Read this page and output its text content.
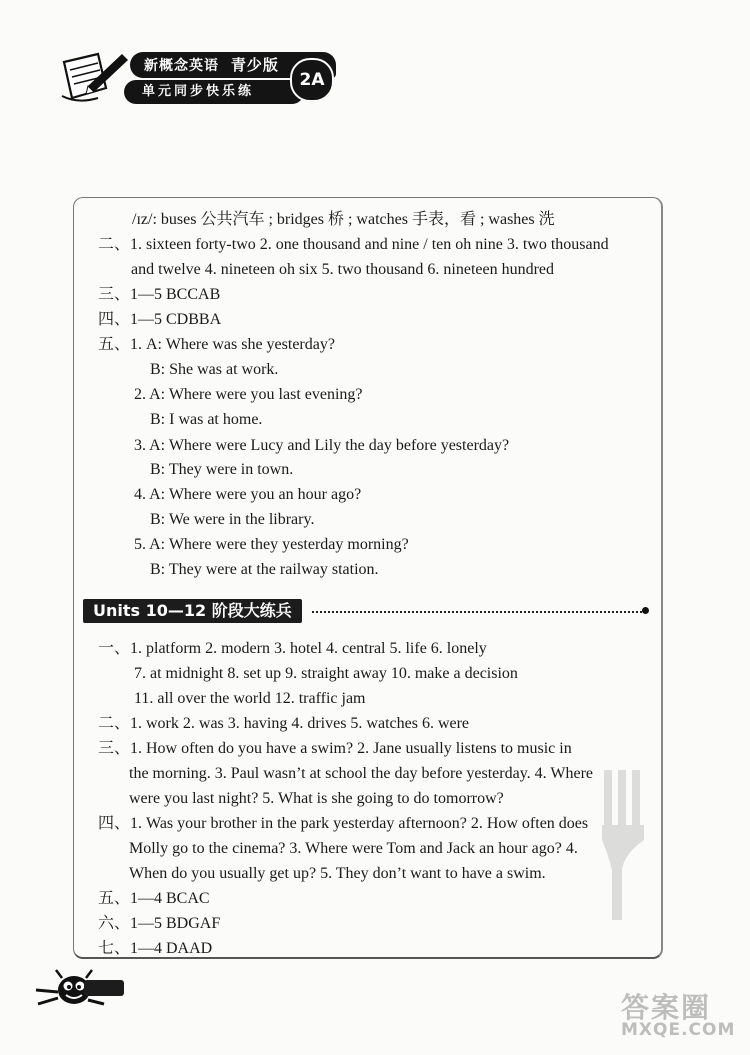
新概念英语 青少版
单元同步快乐练
2A
/ɪz/: buses 公共汽车 ; bridges 桥 ; watches 手表，看 ; washes 洗
二、1. sixteen forty-two 2. one thousand and nine / ten oh nine 3. two thousand
and twelve 4. nineteen oh six 5. two thousand 6. nineteen hundred
三、1—5 BCCAB
四、1—5 CDBBA
五、1. A: Where was she yesterday?
B: She was at work.
2. A: Where were you last evening?
B: I was at home.
3. A: Where were Lucy and Lily the day before yesterday?
B: They were in town.
4. A: Where were you an hour ago?
B: We were in the library.
5. A: Where were they yesterday morning?
B: They were at the railway station.
Units 10—12 阶段大练兵
一、1. platform 2. modern 3. hotel 4. central 5. life 6. lonely
7. at midnight 8. set up 9. straight away 10. make a decision
11. all over the world 12. traffic jam
二、1. work 2. was 3. having 4. drives 5. watches 6. were
三、1. How often do you have a swim? 2. Jane usually listens to music in
the morning. 3. Paul wasn’t at school the day before yesterday. 4. Where
were you last night? 5. What is she going to do tomorrow?
四、1. Was your brother in the park yesterday afternoon? 2. How often does
Molly go to the cinema? 3. Where were Tom and Jack an hour ago? 4.
When do you usually get up? 5. They don’t want to have a swim.
五、1—4 BCAC
六、1—5 BDGAF
七、1—4 DAAD
答案圈
MXQE.COM
